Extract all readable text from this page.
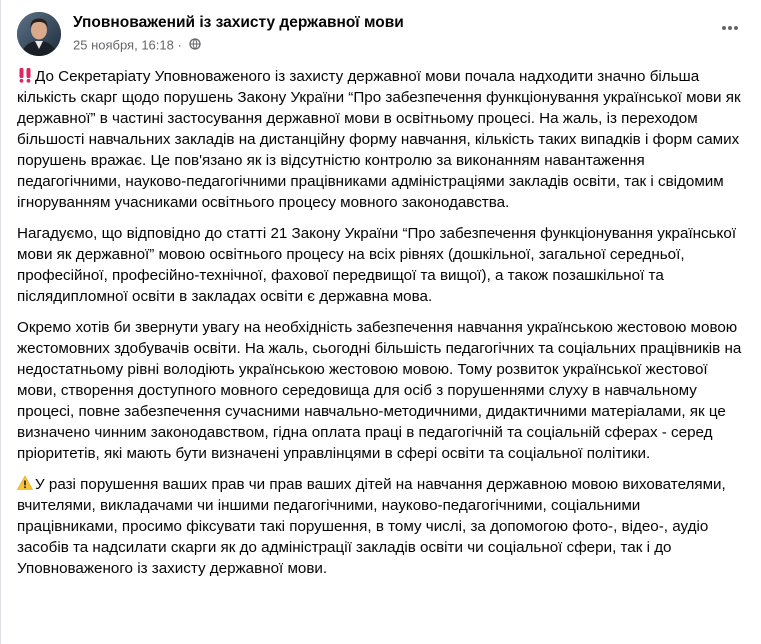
Уповноважений із захисту державної мови
25 ноября, 16:18 ·

До Секретаріату Уповноваженого із захисту державної мови почала надходити значно більша кількість скарг щодо порушень Закону України “Про забезпечення функціонування української мови як державної” в частині застосування державної мови в освітньому процесі. На жаль, із переходом більшості навчальних закладів на дистанційну форму навчання, кількість таких випадків і форм самих порушень вражає. Це пов'язано як із відсутністю контролю за виконанням навантаження педагогічними, науково-педагогічними працівниками адміністраціями закладів освіти, так і свідомим ігноруванням учасниками освітнього процесу мовного законодавства.

Нагадуємо, що відповідно до статті 21 Закону України “Про забезпечення функціонування української мови як державної” мовою освітнього процесу на всіх рівнях (дошкільної, загальної середньої, професійної, професійно-технічної, фахової передвищої та вищої), а також позашкільної та післядипломної освіти в закладах освіти є державна мова.

Окремо хотів би звернути увагу на необхідність забезпечення навчання українською жестовою мовою жестомовних здобувачів освіти. На жаль, сьогодні більшість педагогічних та соціальних працівників на недостатньому рівні володіють українською жестовою мовою. Тому розвиток української жестової мови, створення доступного мовного середовища для осіб з порушеннями слуху в навчальному процесі, повне забезпечення сучасними навчально-методичними, дидактичними матеріалами, як це визначено чинним законодавством, гідна оплата праці в педагогічній та соціальній сферах - серед пріоритетів, які мають бути визначені управлінцями в сфері освіти та соціальної політики.

У разі порушення ваших прав чи прав ваших дітей на навчання державною мовою вихователями, вчителями, викладачами чи іншими педагогічними, науково-педагогічними, соціальними працівниками, просимо фіксувати такі порушення, в тому числі, за допомогою фото-, відео-, аудіо засобів та надсилати скарги як до адміністрації закладів освіти чи соціальної сфери, так і до Уповноваженого із захисту державної мови.
